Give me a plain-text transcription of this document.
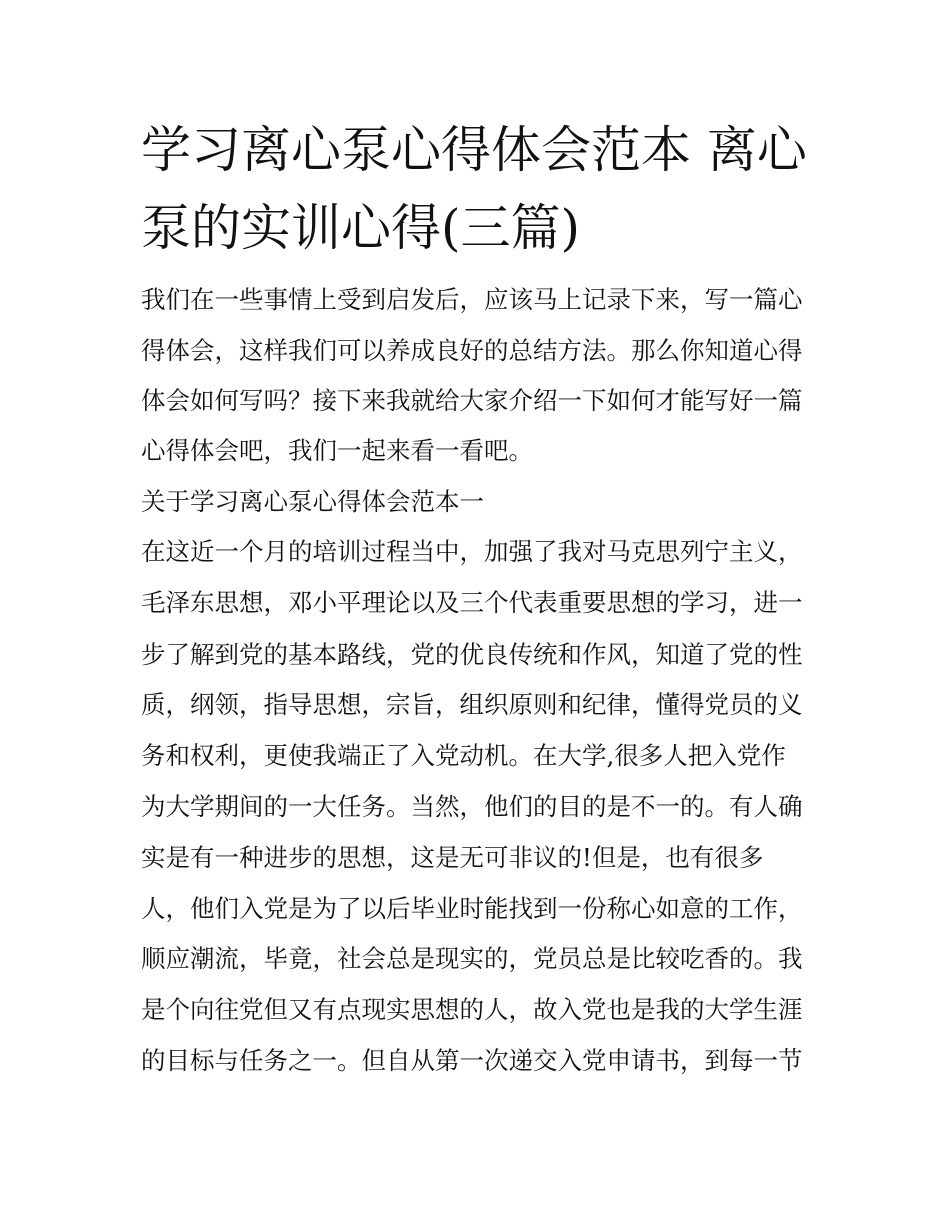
学习离心泵心得体会范本 离心
泵的实训心得(三篇)
我们在一些事情上受到启发后，应该马上记录下来，写一篇心
得体会，这样我们可以养成良好的总结方法。那么你知道心得
体会如何写吗？接下来我就给大家介绍一下如何才能写好一篇
心得体会吧，我们一起来看一看吧。
关于学习离心泵心得体会范本一
在这近一个月的培训过程当中，加强了我对马克思列宁主义，
毛泽东思想，邓小平理论以及三个代表重要思想的学习，进一
步了解到党的基本路线，党的优良传统和作风，知道了党的性
质，纲领，指导思想，宗旨，组织原则和纪律，懂得党员的义
务和权利，更使我端正了入党动机。在大学,很多人把入党作
为大学期间的一大任务。当然，他们的目的是不一的。有人确
实是有一种进步的思想，这是无可非议的!但是，也有很多
人，他们入党是为了以后毕业时能找到一份称心如意的工作，
顺应潮流，毕竟，社会总是现实的，党员总是比较吃香的。我
是个向往党但又有点现实思想的人，故入党也是我的大学生涯
的目标与任务之一。但自从第一次递交入党申请书，到每一节
